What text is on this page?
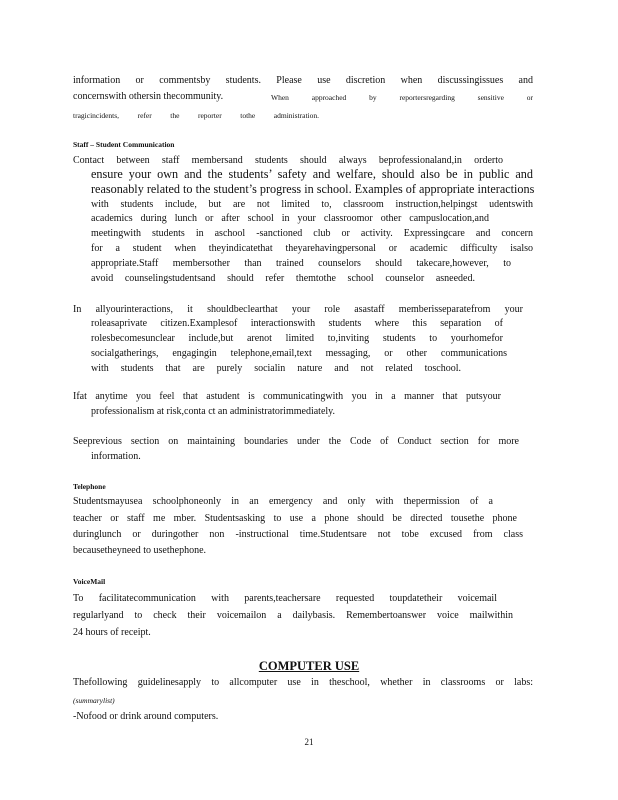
information or commentsby students. Please use discretion when discussingissues and
concernswith othersin thecommunity.	When approached by reportersregarding sensitive or
tragicincidents, refer the reporter tothe administration.
Staff – Student Communication
Contact between staff membersand students should always beprofessionaland,in orderto
ensure your own and the students’ safety and welfare, should also be in public and
reasonably related to the student’s progress in school. Examples of appropriate interactions
with students include, but are not limited to, classroom instruction,helpingst udentswith
academics during lunch or after school in your classroomor other campuslocation,and
meetingwith students in aschool -sanctioned club or activity. Expressingcare and concern
for a student when theyindicatethat theyarehavingpersonal or academic difficulty isalso
appropriate.Staff membersother than trained counselors should takecare,however, to
avoid counselingstudentsand should refer themtothe school counselor asneeded.
In allyourinteractions, it shouldbeclearthat your role asastaff memberisseparatefrom your
roleasaprivate citizen.Examplesof interactionswith students where this separation of
rolesbecomesunclear include,but arenot limited to,inviting students to yourhomefor
socialgatherings, engagingin telephone,email,text messaging, or other communications
with students that are purely socialin nature and not related toschool.
Ifat anytime you feel that astudent is communicatingwith you in a manner that putsyour
professionalism at risk,conta ct an administratorimmediately.
Seeprevious section on maintaining boundaries under the Code of Conduct section for more
information.
Telephone
Studentsmayusea schoolphoneonly in an emergency and only with thepermission of a
teacher or staff me mber. Studentsasking to use a phone should be directed tousethe phone
duringlunch or duringother non -instructional time.Studentsare not tobe excused from class
becausetheyneed to usethephone.
VoiceMail
To facilitatecommunication with parents,teachersare requested toupdatetheir voicemail
regularlyand to check their voicemailon a dailybasis. Remembertoanswer voice mailwithin
24 hours of receipt.
COMPUTER USE
Thefollowing guidelinesapply to allcomputer use in theschool, whether in classrooms or labs:
(summarylist)
-Nofood or drink around computers.
21
